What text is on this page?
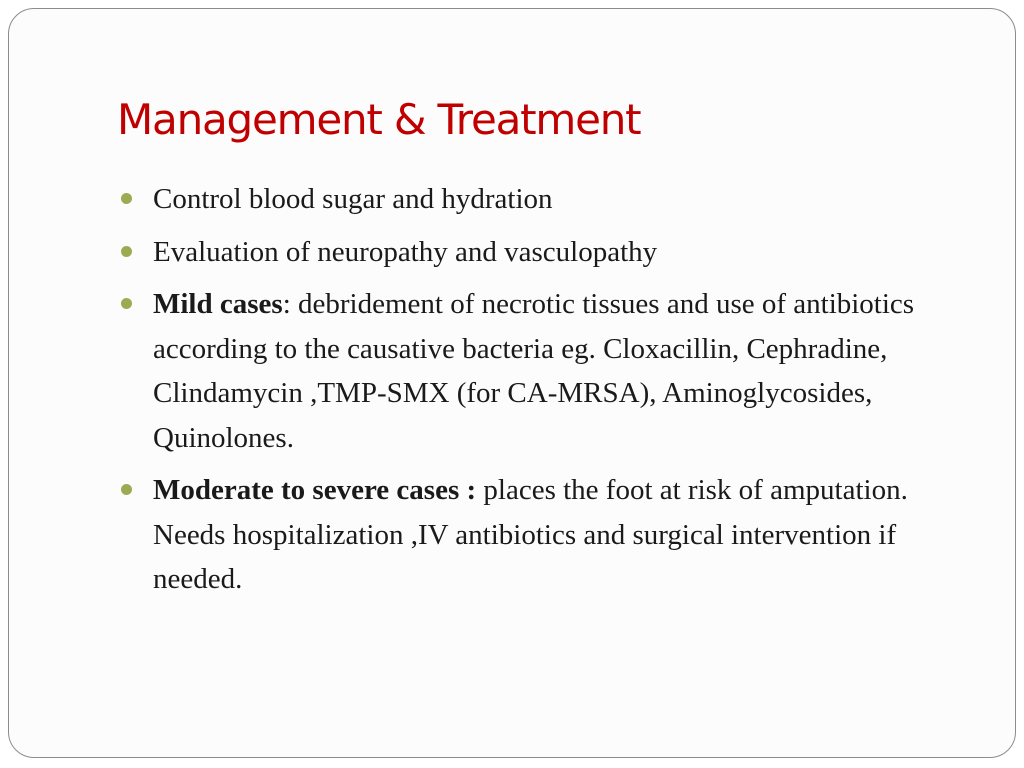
Management & Treatment
Control blood sugar and hydration
Evaluation of neuropathy and vasculopathy
Mild cases: debridement of necrotic tissues and use of antibiotics according to the causative bacteria eg. Cloxacillin, Cephradine, Clindamycin ,TMP-SMX (for CA-MRSA), Aminoglycosides, Quinolones.
Moderate to severe cases : places the foot at risk of amputation. Needs hospitalization ,IV antibiotics and surgical intervention if needed.
